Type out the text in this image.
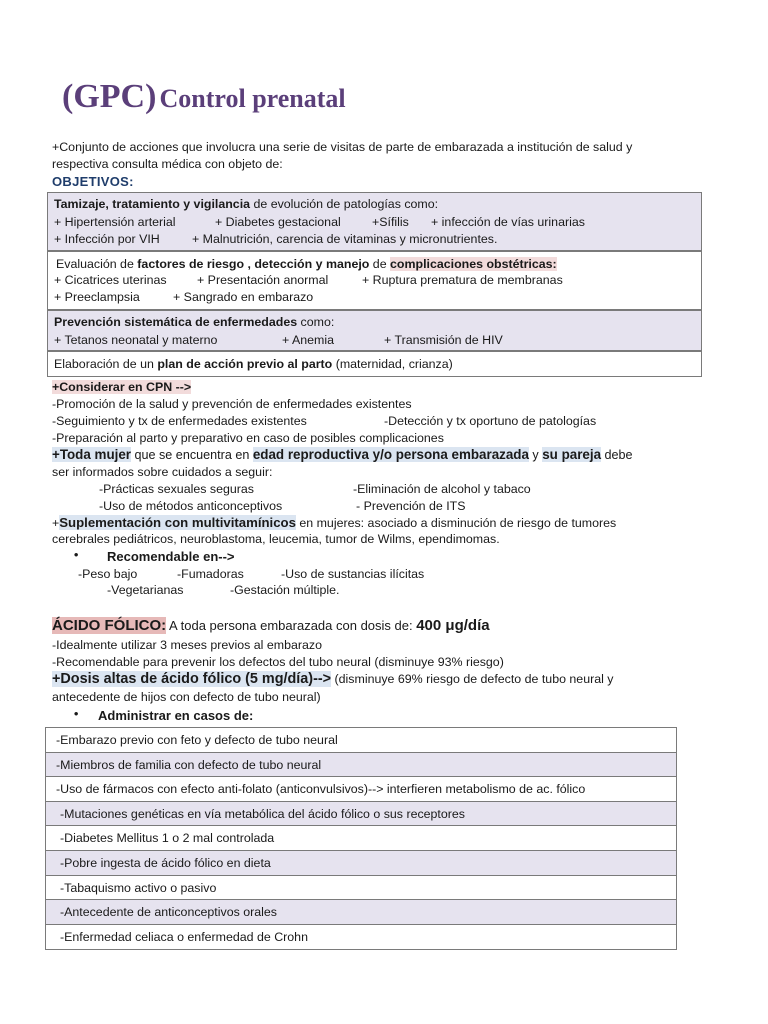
(GPC) Control prenatal
+Conjunto de acciones que involucra una serie de visitas de parte de embarazada a institución de salud y
respectiva consulta médica con objeto de:
OBJETIVOS:
Tamizaje, tratamiento y vigilancia de evolución de patologías como:
+ Hipertensión arterial	+ Diabetes gestacional	+Sífilis + infección de vías urinarias
+ Infección por VIH	+ Malnutrición, carencia de vitaminas y micronutrientes.
Evaluación de factores de riesgo , detección y manejo de complicaciones obstétricas:
+ Cicatrices uterinas + Presentación anormal	+ Ruptura prematura de membranas
+ Preeclampsia	+ Sangrado en embarazo
Prevención sistemática de enfermedades como:
+ Tetanos neonatal y materno	+ Anemia	+ Transmisión de HIV
Elaboración de un plan de acción previo al parto (maternidad, crianza)
+Considerar en CPN -->
-Promoción de la salud y prevención de enfermedades existentes
-Seguimiento y tx de enfermedades existentes	-Detección y tx oportuno de patologías
-Preparación al parto y preparativo en caso de posibles complicaciones
+Toda mujer que se encuentra en edad reproductiva y/o persona embarazada y su pareja debe
ser informados sobre cuidados a seguir:
-Prácticas sexuales seguras	-Eliminación de alcohol y tabaco
-Uso de métodos anticonceptivos	- Prevención de ITS
+Suplementación con multivitamínicos en mujeres: asociado a disminución de riesgo de tumores
cerebrales pediátricos, neuroblastoma, leucemia, tumor de Wilms, ependimomas.
• Recomendable en-->
-Peso bajo	-Fumadoras	-Uso de sustancias ilícitas
-Vegetarianas	-Gestación múltiple.
ÁCIDO FÓLICO: A toda persona embarazada con dosis de: 400 μg/día
-Idealmente utilizar 3 meses previos al embarazo
-Recomendable para prevenir los defectos del tubo neural (disminuye 93% riesgo)
+Dosis altas de ácido fólico (5 mg/día)--> (disminuye 69% riesgo de defecto de tubo neural y
antecedente de hijos con defecto de tubo neural)
• Administrar en casos de:
-Embarazo previo con feto y defecto de tubo neural
-Miembros de familia con defecto de tubo neural
-Uso de fármacos con efecto anti-folato (anticonvulsivos)--> interfieren metabolismo de ac. fólico
-Mutaciones genéticas en vía metabólica del ácido fólico o sus receptores
-Diabetes Mellitus 1 o 2 mal controlada
-Pobre ingesta de ácido fólico en dieta
-Tabaquismo activo o pasivo
-Antecedente de anticonceptivos orales
-Enfermedad celiaca o enfermedad de Crohn
